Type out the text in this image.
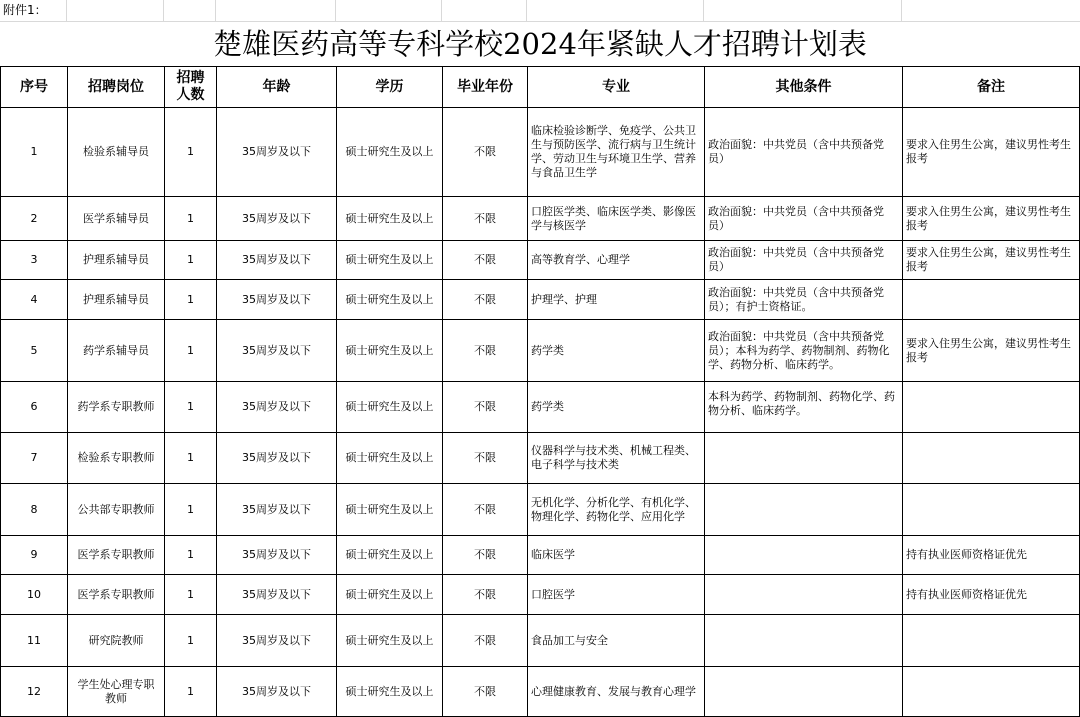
附件1：
楚雄医药高等专科学校2024年紧缺人才招聘计划表
序号	招聘岗位	招聘人数	年龄	学历	毕业年份	专业	其他条件	备注
1	检验系辅导员	1	35周岁及以下	硕士研究生及以上	不限	临床检验诊断学、免疫学、公共卫生与预防医学、流行病与卫生统计学、劳动卫生与环境卫生学、营养与食品卫生学	政治面貌：中共党员（含中共预备党员）	要求入住男生公寓，建议男性考生报考
2	医学系辅导员	1	35周岁及以下	硕士研究生及以上	不限	口腔医学类、临床医学类、影像医学与核医学	政治面貌：中共党员（含中共预备党员）	要求入住男生公寓，建议男性考生报考
3	护理系辅导员	1	35周岁及以下	硕士研究生及以上	不限	高等教育学、心理学	政治面貌：中共党员（含中共预备党员）	要求入住男生公寓，建议男性考生报考
4	护理系辅导员	1	35周岁及以下	硕士研究生及以上	不限	护理学、护理	政治面貌：中共党员（含中共预备党员）；有护士资格证。	
5	药学系辅导员	1	35周岁及以下	硕士研究生及以上	不限	药学类	政治面貌：中共党员（含中共预备党员）；本科为药学、药物制剂、药物化学、药物分析、临床药学。	要求入住男生公寓，建议男性考生报考
6	药学系专职教师	1	35周岁及以下	硕士研究生及以上	不限	药学类	本科为药学、药物制剂、药物化学、药物分析、临床药学。	
7	检验系专职教师	1	35周岁及以下	硕士研究生及以上	不限	仪器科学与技术类、机械工程类、电子科学与技术类		
8	公共部专职教师	1	35周岁及以下	硕士研究生及以上	不限	无机化学、分析化学、有机化学、物理化学、药物化学、应用化学		
9	医学系专职教师	1	35周岁及以下	硕士研究生及以上	不限	临床医学		持有执业医师资格证优先
10	医学系专职教师	1	35周岁及以下	硕士研究生及以上	不限	口腔医学		持有执业医师资格证优先
11	研究院教师	1	35周岁及以下	硕士研究生及以上	不限	食品加工与安全		
12	学生处心理专职教师	1	35周岁及以下	硕士研究生及以上	不限	心理健康教育、发展与教育心理学		
